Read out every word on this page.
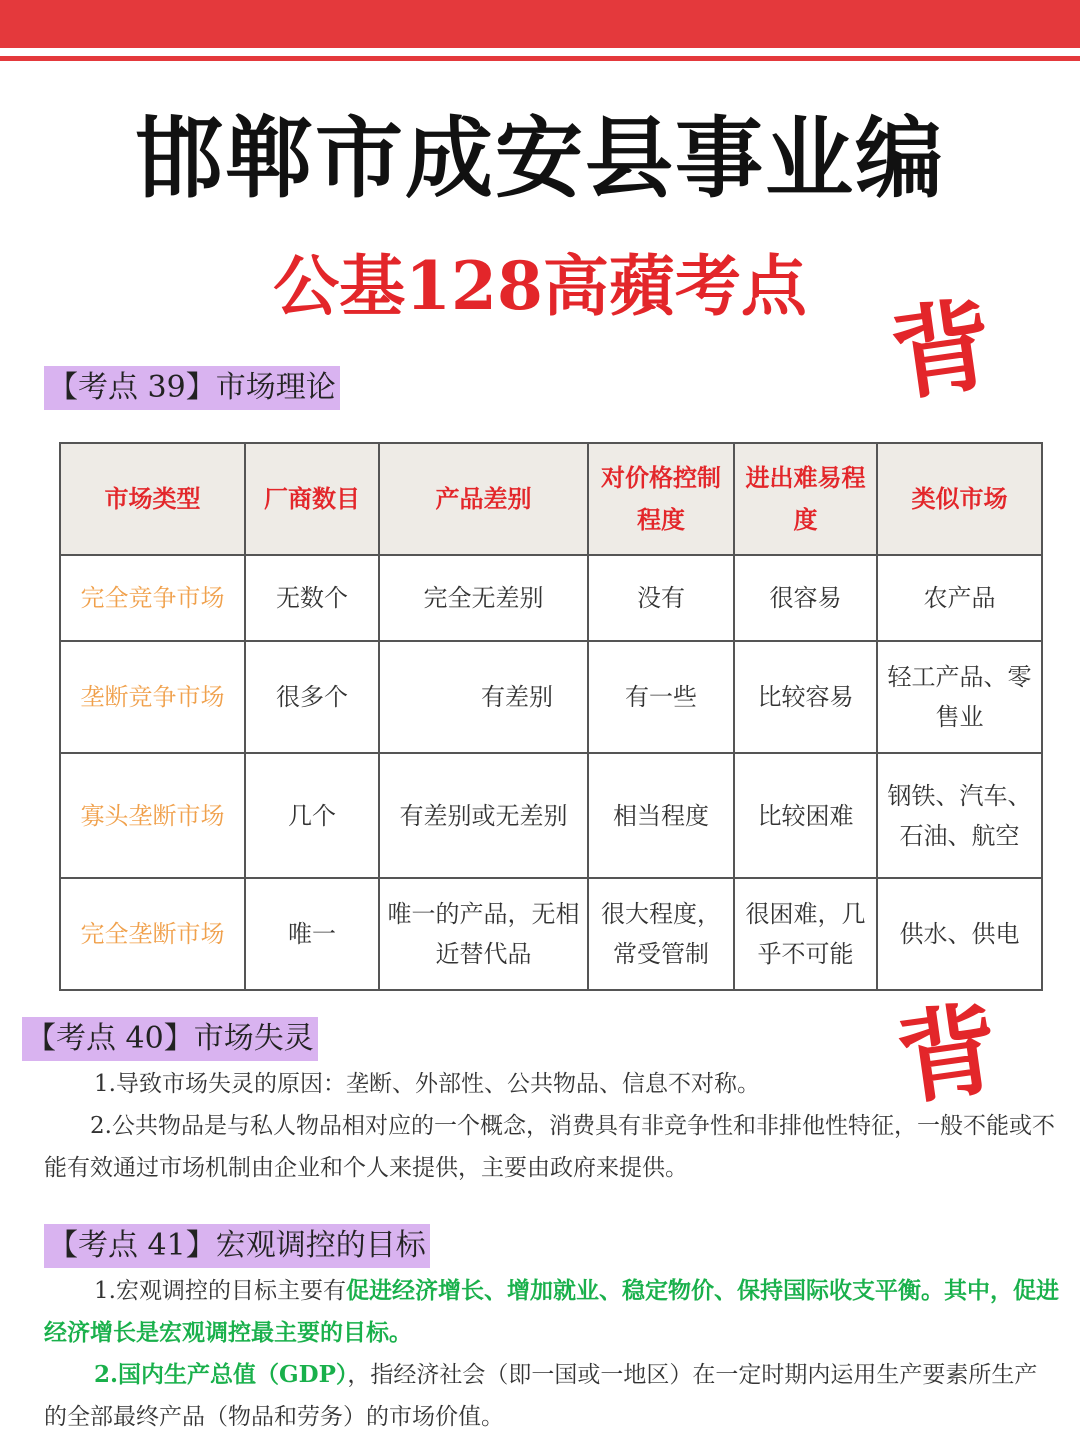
邯郸市成安县事业编
公基128高蘋考点 背
背
【考点 39】市场理论
市场类型	厂商数目	产品差别	对价格控制程度	进出难易程度	类似市场
完全竞争市场	无数个	完全无差别	没有	很容易	农产品
垄断竞争市场	很多个	有差别	有一些	比较容易	轻工产品、零售业
寡头垄断市场	几个	有差别或无差别	相当程度	比较困难	钢铁、汽车、石油、航空
完全垄断市场	唯一	唯一的产品，无相近替代品	很大程度，常受管制	很困难，几乎不可能	供水、供电
【考点 40】市场失灵
1.导致市场失灵的原因：垄断、外部性、公共物品、信息不对称。
2.公共物品是与私人物品相对应的一个概念，消费具有非竞争性和非排他性特征，一般不能或不能有效通过市场机制由企业和个人来提供，主要由政府来提供。
【考点 41】宏观调控的目标
1.宏观调控的目标主要有促进经济增长、增加就业、稳定物价、保持国际收支平衡。其中，促进经济增长是宏观调控最主要的目标。
2.国内生产总值（GDP），指经济社会（即一国或一地区）在一定时期内运用生产要素所生产的全部最终产品（物品和劳务）的市场价值。
